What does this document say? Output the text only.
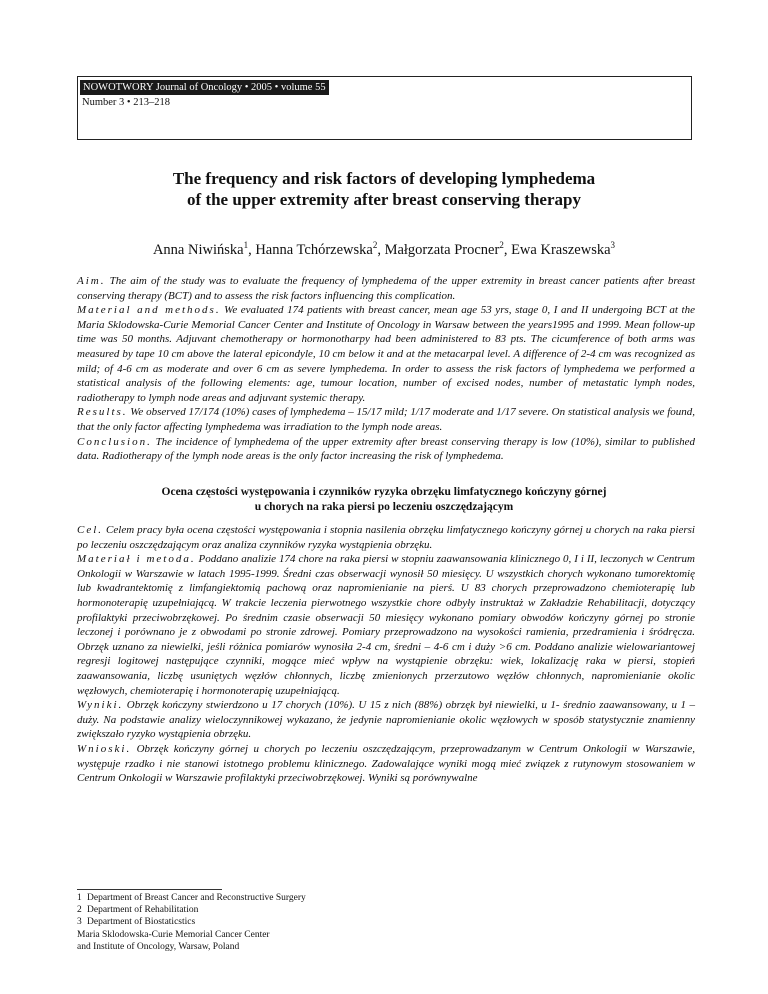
NOWOTWORY Journal of Oncology • 2005 • volume 55
Number 3 • 213–218
The frequency and risk factors of developing lymphedema
of the upper extremity after breast conserving therapy
Anna Niwińska$^1$, Hanna Tchórzewska$^2$, Małgorzata Procner$^2$, Ewa Kraszewska$^3$

Aim. The aim of the study was to evaluate the frequency of lymphedema of the upper extremity in breast cancer patients after breast conserving therapy (BCT) and to assess the risk factors influencing this complication.

Material and methods. We evaluated 174 patients with breast cancer, mean age 53 yrs, stage 0, I and II undergoing BCT at the Maria Sklodowska-Curie Memorial Cancer Center and Institute of Oncology in Warsaw between the years1995 and 1999. Mean follow-up time was 50 months. Adjuvant chemotherapy or hormonotharpy had been administered to 83 pts. The cicumference of both arms was measured by tape 10 cm above the lateral epicondyle, 10 cm below it and at the metacarpal level. A difference of 2-4 cm was recognized as mild; of 4-6 cm as moderate and over 6 cm as severe lymphedema. In order to assess the risk factors of lymphedema we performed a statistical analysis of the following elements: age, tumour location, number of excised nodes, number of metastatic lymph nodes, radiotherapy to lymph node areas and adjuvant systemic therapy.

Results. We observed 17/174 (10%) cases of lymphedema – 15/17 mild; 1/17 moderate and 1/17 severe. On statistical analysis we found, that the only factor affecting lymphedema was irradiation to the lymph node areas.

Conclusion. The incidence of lymphedema of the upper extremity after breast conserving therapy is low (10%), similar to published data. Radiotherapy of the lymph node areas is the only factor increasing the risk of lymphedema.

Ocena częstości występowania i czynników ryzyka obrzęku limfatycznego kończyny górnej
u chorych na raka piersi po leczeniu oszczędzającym

Cel. Celem pracy była ocena częstości występowania i stopnia nasilenia obrzęku limfatycznego kończyny górnej u chorych na raka piersi po leczeniu oszczędzającym oraz analiza czynników ryzyka wystąpienia obrzęku.

Materiał i metoda. Poddano analizie 174 chore na raka piersi w stopniu zaawansowania klinicznego 0, I i II, leczonych w Centrum Onkologii w Warszawie w latach 1995-1999. Średni czas obserwacji wynosił 50 miesięcy. U wszystkich chorych wykonano tumorektomię lub kwadrantektomię z limfangiektomią pachową oraz napromienianie na pierś. U 83 chorych przeprowadzono chemioterapię lub hormonoterapię uzupełniającą. W trakcie leczenia pierwotnego wszystkie chore odbyły instruktaż w Zakładzie Rehabilitacji, dotyczący profilaktyki przeciwobrzękowej. Po średnim czasie obserwacji 50 miesięcy wykonano pomiary obwodów kończyny górnej po stronie leczonej i porównano je z obwodami po stronie zdrowej. Pomiary przeprowadzono na wysokości ramienia, przedramienia i śródręcza. Obrzęk uznano za niewielki, jeśli różnica pomiarów wynosiła 2-4 cm, średni – 4-6 cm i duży >6 cm. Poddano analizie wielowariantowej regresji logitowej następujące czynniki, mogące mieć wpływ na wystąpienie obrzęku: wiek, lokalizację raka w piersi, stopień zaawansowania, liczbę usuniętych węzłów chłonnych, liczbę zmienionych przerzutowo węzłów chłonnych, napromienianie okolic węzłowych, chemioterapię i hormonoterapię uzupełniającą.

Wyniki. Obrzęk kończyny stwierdzono u 17 chorych (10%). U 15 z nich (88%) obrzęk był niewielki, u 1- średnio zaawansowany, u 1 – duży. Na podstawie analizy wieloczynnikowej wykazano, że jedynie napromienianie okolic węzłowych w sposób statystycznie znamienny zwiększało ryzyko wystąpienia obrzęku.

Wnioski. Obrzęk kończyny górnej u chorych po leczeniu oszczędzającym, przeprowadzanym w Centrum Onkologii w Warszawie, występuje rzadko i nie stanowi istotnego problemu klinicznego. Zadowalające wyniki mogą mieć związek z rutynowym stosowaniem w Centrum Onkologii w Warszawie profilaktyki przeciwobrzękowej. Wyniki są porównywalne

1 Department of Breast Cancer and Reconstructive Surgery
2 Department of Rehabilitation
3 Department of Biostaticstics
Maria Sklodowska-Curie Memorial Cancer Center
and Institute of Oncology, Warsaw, Poland
